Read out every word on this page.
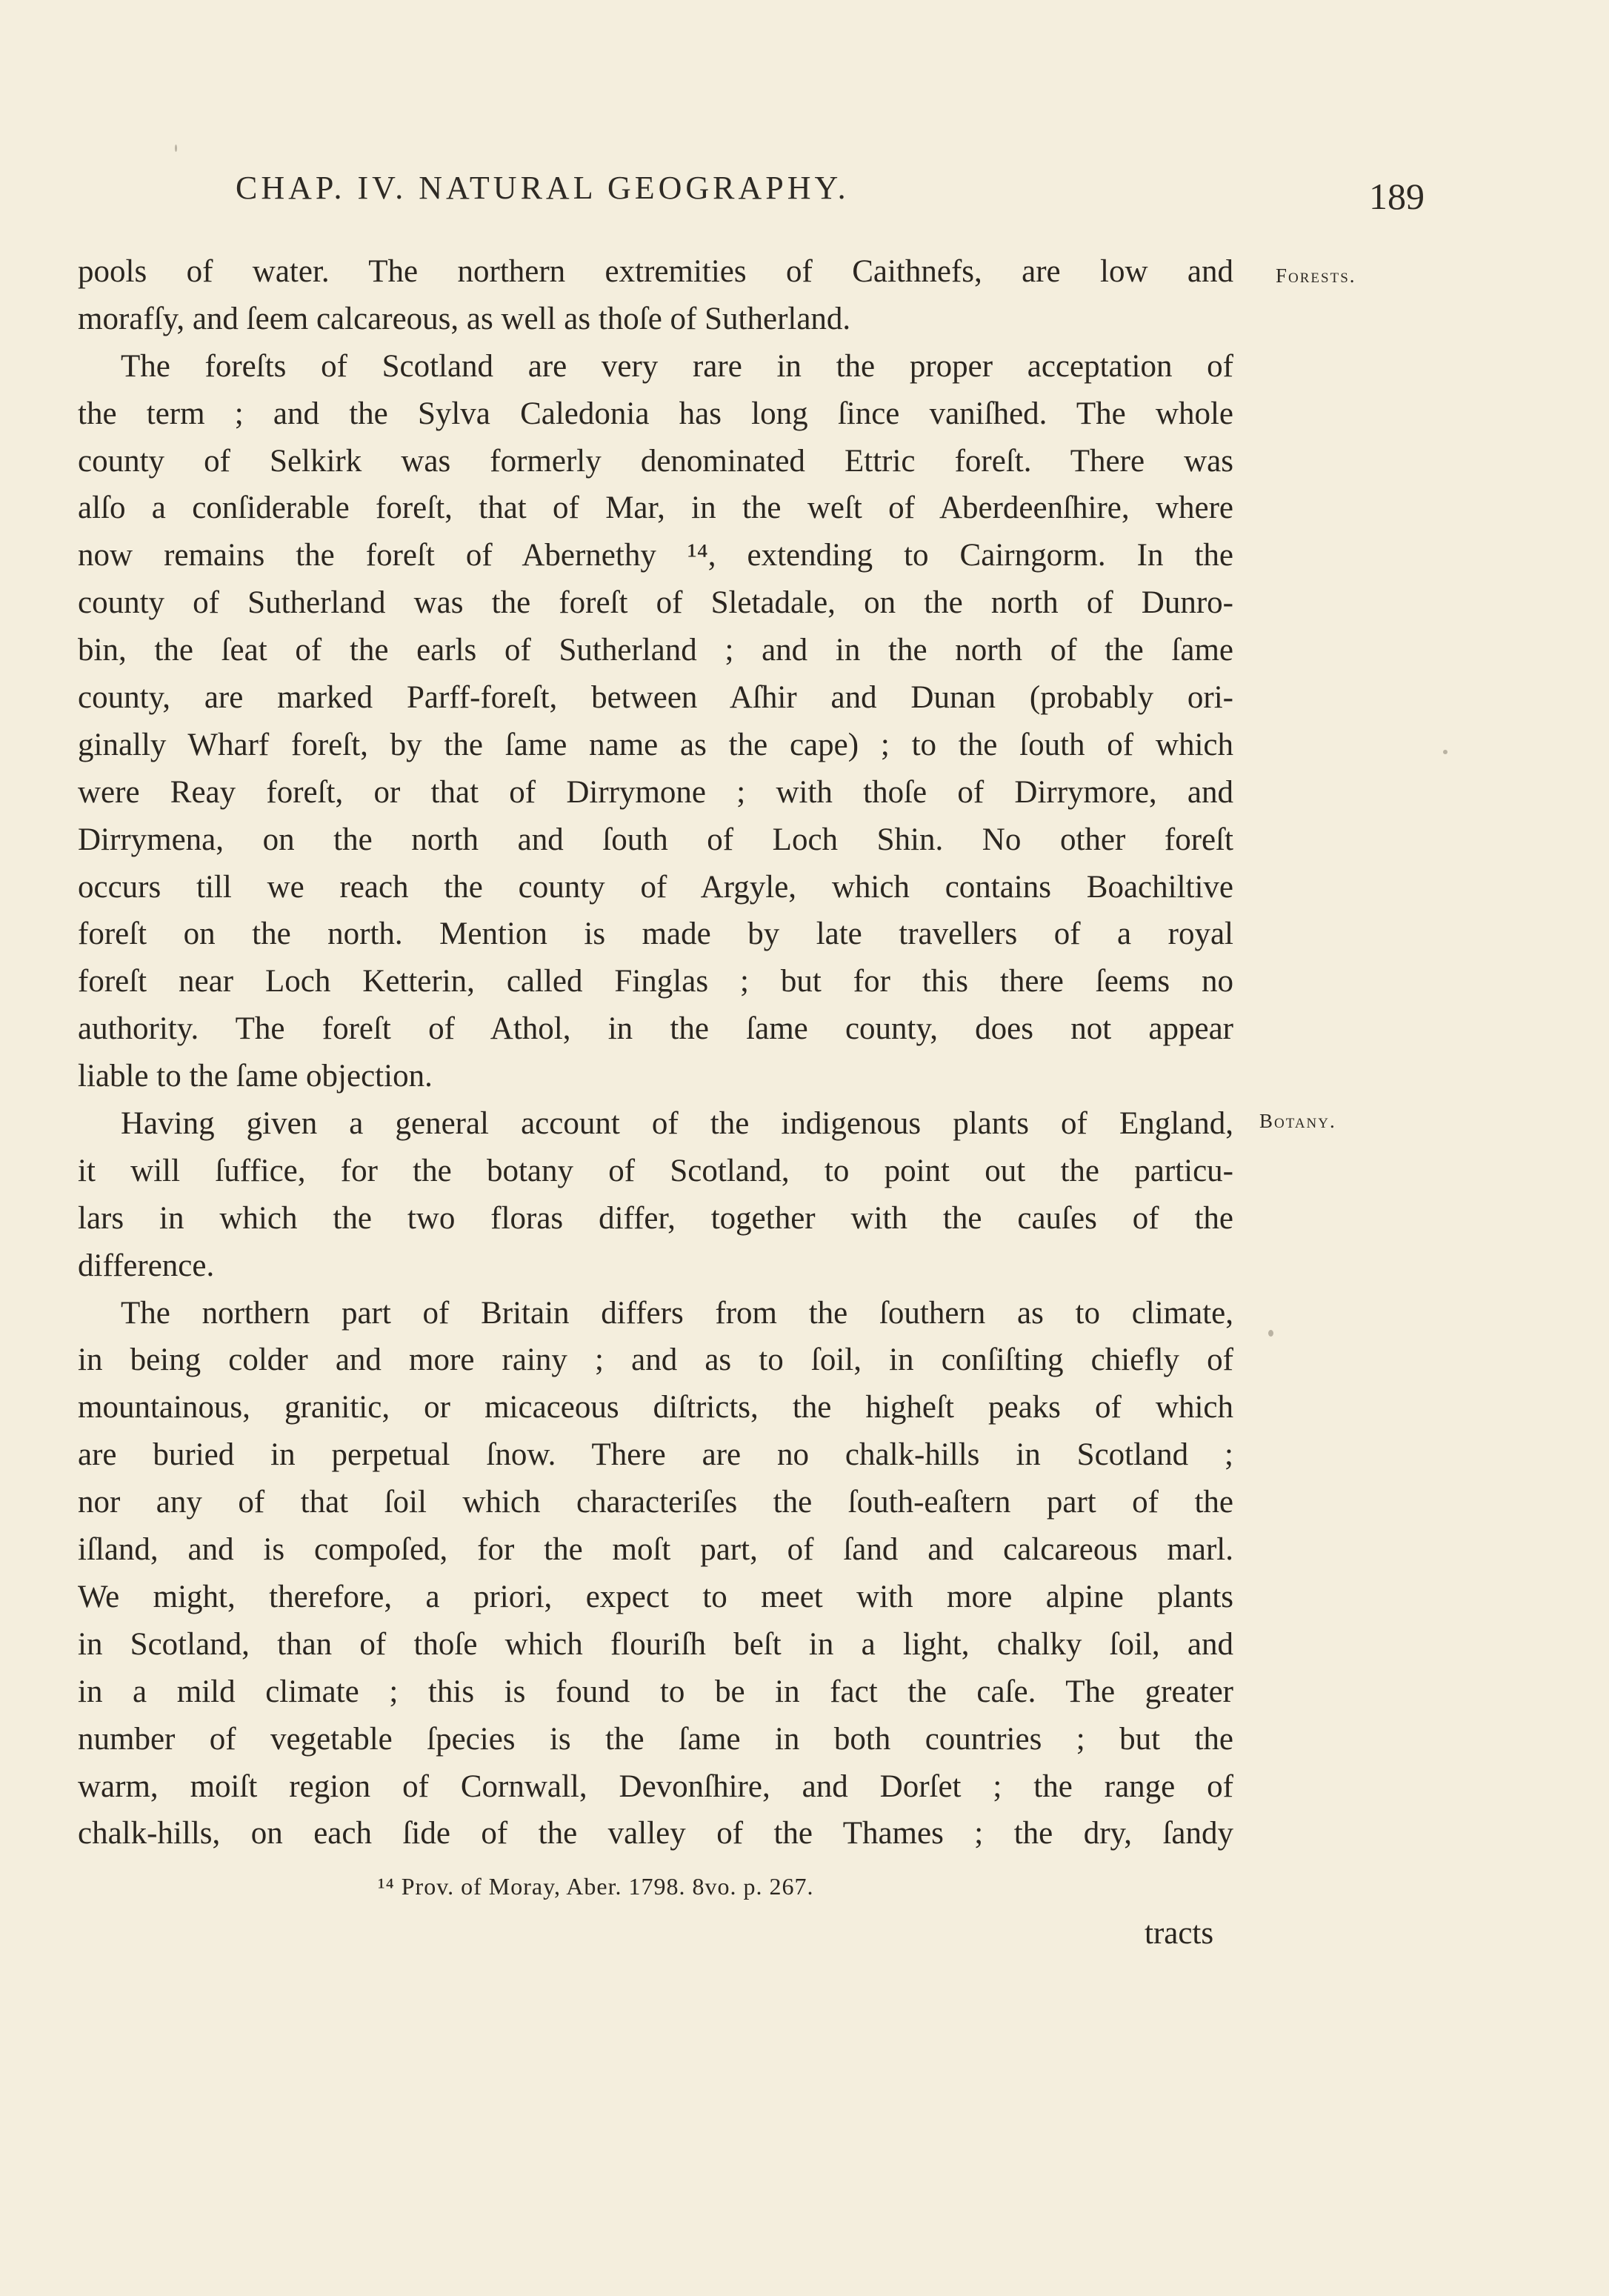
CHAP. IV. NATURAL GEOGRAPHY.	189
Forests.
Botany.
pools of water. The northern extremities of Caithnefs, are low and
morafſy, and ſeem calcareous, as well as thoſe of Sutherland.
The foreſts of Scotland are very rare in the proper acceptation of
the term ; and the Sylva Caledonia has long ſince vaniſhed. The whole
county of Selkirk was formerly denominated Ettric foreſt. There was
alſo a conſiderable foreſt, that of Mar, in the weſt of Aberdeenſhire, where
now remains the foreſt of Abernethy ¹⁴, extending to Cairngorm. In the
county of Sutherland was the foreſt of Sletadale, on the north of Dunro-
bin, the ſeat of the earls of Sutherland ; and in the north of the ſame
county, are marked Parff-foreſt, between Aſhir and Dunan (probably ori-
ginally Wharf foreſt, by the ſame name as the cape) ; to the ſouth of which
were Reay foreſt, or that of Dirrymone ; with thoſe of Dirrymore, and
Dirrymena, on the north and ſouth of Loch Shin. No other foreſt
occurs till we reach the county of Argyle, which contains Boachiltive
foreſt on the north. Mention is made by late travellers of a royal
foreſt near Loch Ketterin, called Finglas ; but for this there ſeems no
authority. The foreſt of Athol, in the ſame county, does not appear
liable to the ſame objection.
Having given a general account of the indigenous plants of England,
it will ſuffice, for the botany of Scotland, to point out the particu-
lars in which the two floras differ, together with the cauſes of the
difference.
The northern part of Britain differs from the ſouthern as to climate,
in being colder and more rainy ; and as to ſoil, in conſiſting chiefly of
mountainous, granitic, or micaceous diſtricts, the higheſt peaks of which
are buried in perpetual ſnow. There are no chalk-hills in Scotland ;
nor any of that ſoil which characteriſes the ſouth-eaſtern part of the
iſland, and is compoſed, for the moſt part, of ſand and calcareous marl.
We might, therefore, a priori, expect to meet with more alpine plants
in Scotland, than of thoſe which flouriſh beſt in a light, chalky ſoil, and
in a mild climate ; this is found to be in fact the caſe. The greater
number of vegetable ſpecies is the ſame in both countries ; but the
warm, moiſt region of Cornwall, Devonſhire, and Dorſet ; the range of
chalk-hills, on each ſide of the valley of the Thames ; the dry, ſandy
¹⁴ Prov. of Moray, Aber. 1798. 8vo. p. 267.
tracts
